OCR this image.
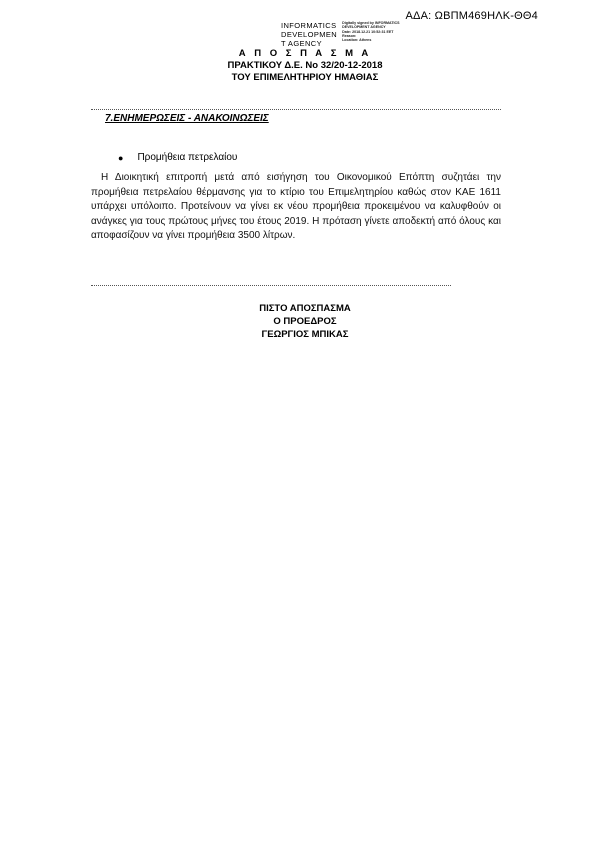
ΑΔΑ: ΩΒΠΜ469ΗΛΚ-ΘΘ4
INFORMATICS
DEVELOPMEN
T AGENCY
Digitally signed by INFORMATICS
DEVELOPMENT AGENCY
Date: 2018.12.21 10:52:31 EET
Reason:
Location: Athens
Α Π Ο Σ Π Α Σ Μ Α
ΠΡΑΚΤΙΚΟΥ Δ.Ε. Νο 32/20-12-2018
ΤΟΥ ΕΠΙΜΕΛΗΤΗΡΙΟΥ ΗΜΑΘΙΑΣ
7.ΕΝΗΜΕΡΩΣΕΙΣ - ΑΝΑΚΟΙΝΩΣΕΙΣ
● Προμήθεια πετρελαίου
Η Διοικητική επιτροπή μετά από εισήγηση του Οικονομικού Επόπτη συζητάει την προμήθεια πετρελαίου θέρμανσης για το κτίριο του Επιμελητηρίου καθώς στον ΚΑΕ 1611 υπάρχει υπόλοιπο. Προτείνουν να γίνει εκ νέου προμήθεια προκειμένου να καλυφθούν οι ανάγκες για τους πρώτους μήνες του έτους 2019. Η πρόταση γίνετε αποδεκτή από όλους και αποφασίζουν να γίνει προμήθεια 3500 λίτρων.
ΠΙΣΤΟ ΑΠΟΣΠΑΣΜΑ
Ο ΠΡΟΕΔΡΟΣ
ΓΕΩΡΓΙΟΣ ΜΠΙΚΑΣ
